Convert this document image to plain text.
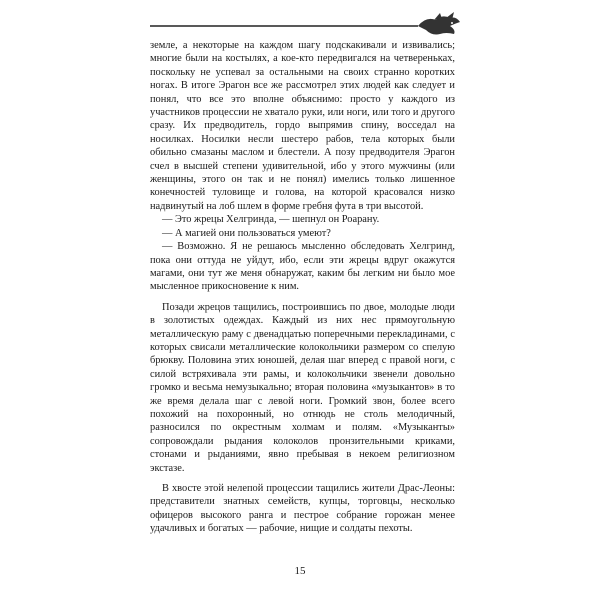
земле, а некоторые на каждом шагу подскакивали и извивались; многие были на костылях, а кое-кто передвигался на четвереньках, поскольку не успевал за остальными на своих странно коротких ногах. В итоге Эрагон все же рассмотрел этих людей как следует и понял, что все это вполне объяснимо: просто у каждого из участников процессии не хватало руки, или ноги, или того и другого сразу. Их предводитель, гордо выпрямив спину, восседал на носилках. Носилки несли шестеро рабов, тела которых были обильно смазаны маслом и блестели. А позу предводителя Эрагон счел в высшей степени удивительной, ибо у этого мужчины (или женщины, этого он так и не понял) имелись только лишенное конечностей туловище и голова, на которой красовался низко надвинутый на лоб шлем в форме гребня фута в три высотой.

— Это жрецы Хелгринда, — шепнул он Роарану.

— А магией они пользоваться умеют?

— Возможно. Я не решаюсь мысленно обследовать Хелгринд, пока они оттуда не уйдут, ибо, если эти жрецы вдруг окажутся магами, они тут же меня обнаружат, каким бы легким ни было мое мысленное прикосновение к ним.

Позади жрецов тащились, построившись по двое, молодые люди в золотистых одеждах. Каждый из них нес прямоугольную металлическую раму с двенадцатью поперечными перекладинами, с которых свисали металлические колокольчики размером со спелую брюкву. Половина этих юношей, делая шаг вперед с правой ноги, с силой встряхивала эти рамы, и колокольчики звенели довольно громко и весьма немузыкально; вторая половина «музыкантов» в то же время делала шаг с левой ноги. Громкий звон, более всего похожий на похоронный, но отнюдь не столь мелодичный, разносился по окрестным холмам и полям. «Музыканты» сопровождали рыдания колоколов пронзительными криками, стонами и рыданиями, явно пребывая в некоем религиозном экстазе.

В хвосте этой нелепой процессии тащились жители Драс-Леоны: представители знатных семейств, купцы, торговцы, несколько офицеров высокого ранга и пестрое собрание горожан менее удачливых и богатых — рабочие, нищие и солдаты пехоты.

15
